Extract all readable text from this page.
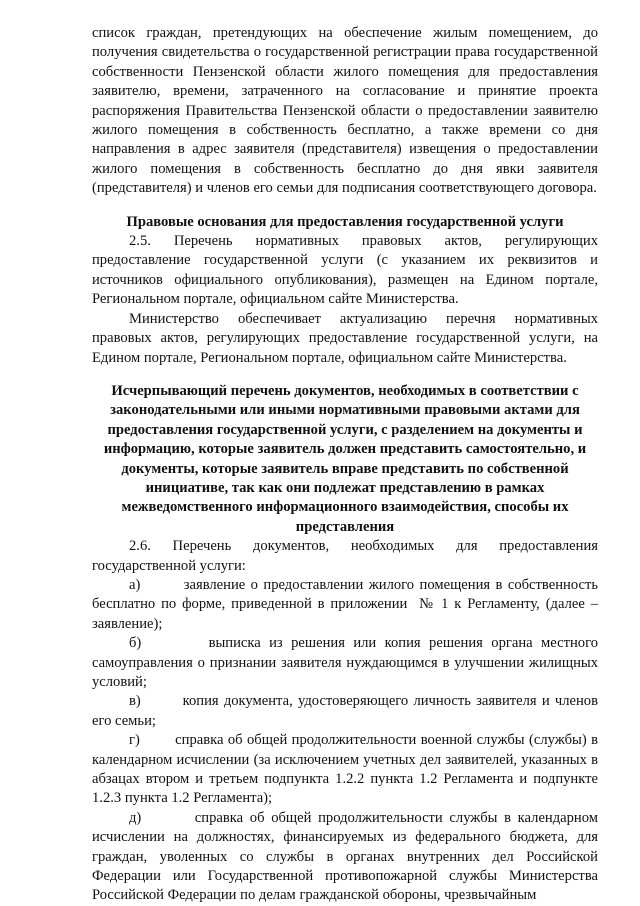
список граждан, претендующих на обеспечение жилым помещением, до получения свидетельства о государственной регистрации права государственной собственности Пензенской области жилого помещения для предоставления заявителю, времени, затраченного на согласование и принятие проекта распоряжения Правительства Пензенской области о предоставлении заявителю жилого помещения в собственность бесплатно, а также времени со дня направления в адрес заявителя (представителя) извещения о предоставлении жилого помещения в собственность бесплатно до дня явки заявителя (представителя) и членов его семьи для подписания соответствующего договора.

Правовые основания для предоставления государственной услуги

2.5. Перечень нормативных правовых актов, регулирующих предоставление государственной услуги (с указанием их реквизитов и источников официального опубликования), размещен на Едином портале, Региональном портале, официальном сайте Министерства.

Министерство обеспечивает актуализацию перечня нормативных правовых актов, регулирующих предоставление государственной услуги, на Едином портале, Региональном портале, официальном сайте Министерства.

Исчерпывающий перечень документов, необходимых в соответствии с законодательными или иными нормативными правовыми актами для предоставления государственной услуги, с разделением на документы и информацию, которые заявитель должен представить самостоятельно, и документы, которые заявитель вправе представить по собственной инициативе, так как они подлежат представлению в рамках межведомственного информационного взаимодействия, способы их представления

2.6. Перечень документов, необходимых для предоставления государственной услуги:

а)        заявление о предоставлении жилого помещения в собственность бесплатно по форме, приведенной в приложении  № 1 к Регламенту, (далее – заявление);

б)        выписка из решения или копия решения органа местного самоуправления о признании заявителя нуждающимся в улучшении жилищных условий;

в)        копия документа, удостоверяющего личность заявителя и членов его семьи;

г)        справка об общей продолжительности военной службы (службы) в календарном исчислении (за исключением учетных дел заявителей, указанных в абзацах втором и третьем подпункта 1.2.2 пункта 1.2 Регламента и подпункте 1.2.3 пункта 1.2 Регламента);

д)        справка об общей продолжительности службы в календарном исчислении на должностях, финансируемых из федерального бюджета, для граждан, уволенных со службы в органах внутренних дел Российской Федерации или Государственной противопожарной службы Министерства Российской Федерации по делам гражданской обороны, чрезвычайным
